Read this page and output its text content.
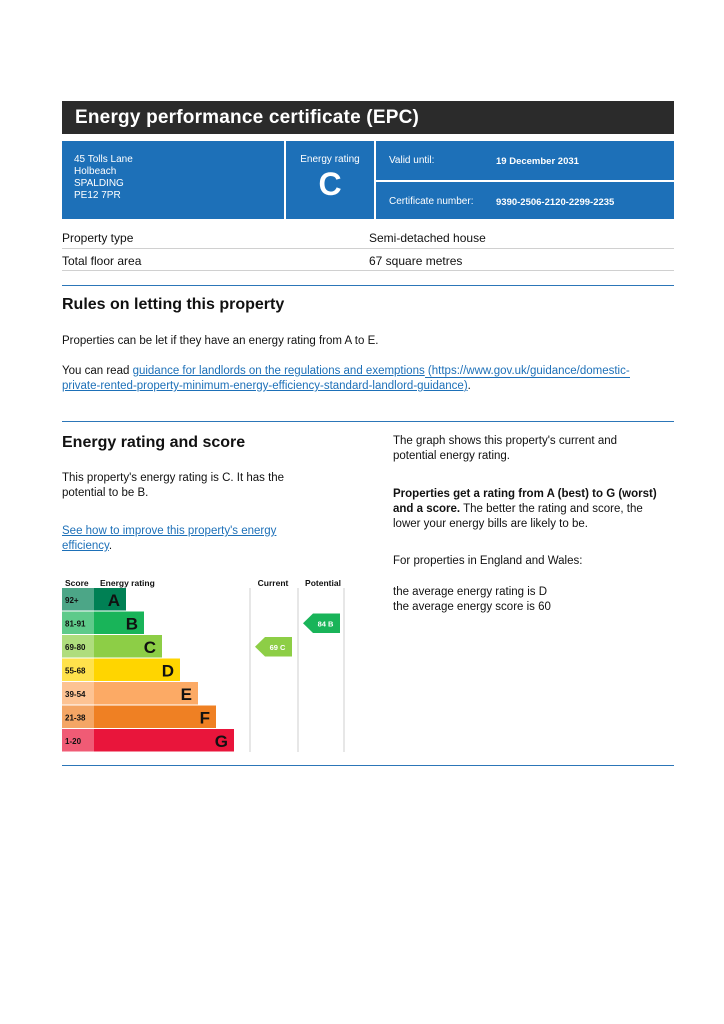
Energy performance certificate (EPC)
45 Tolls Lane
Holbeach
SPALDING
PE12 7PR
Energy rating
C
Valid until:	19 December 2031
Certificate number: 9390-2506-2120-2299-2235
Property type	Semi-detached house
Total floor area	67 square metres
Rules on letting this property
Properties can be let if they have an energy rating from A to E.
You can read guidance for landlords on the regulations and exemptions (https://www.gov.uk/guidance/domestic-
private-rented-property-minimum-energy-efficiency-standard-landlord-guidance).
Energy rating and score
This property's energy rating is C. It has the
potential to be B.
See how to improve this property's energy
efficiency.
Score Energy rating	Current Potential
92+ A
81-91 B
69-80	C
55-68	D
39-54	E
21-38	F
1-20	G
69 C
84 B
The graph shows this property's current and
potential energy rating.
Properties get a rating from A (best) to G (worst)
and a score. The better the rating and score, the
lower your energy bills are likely to be.
For properties in England and Wales:
the average energy rating is D
the average energy score is 60
